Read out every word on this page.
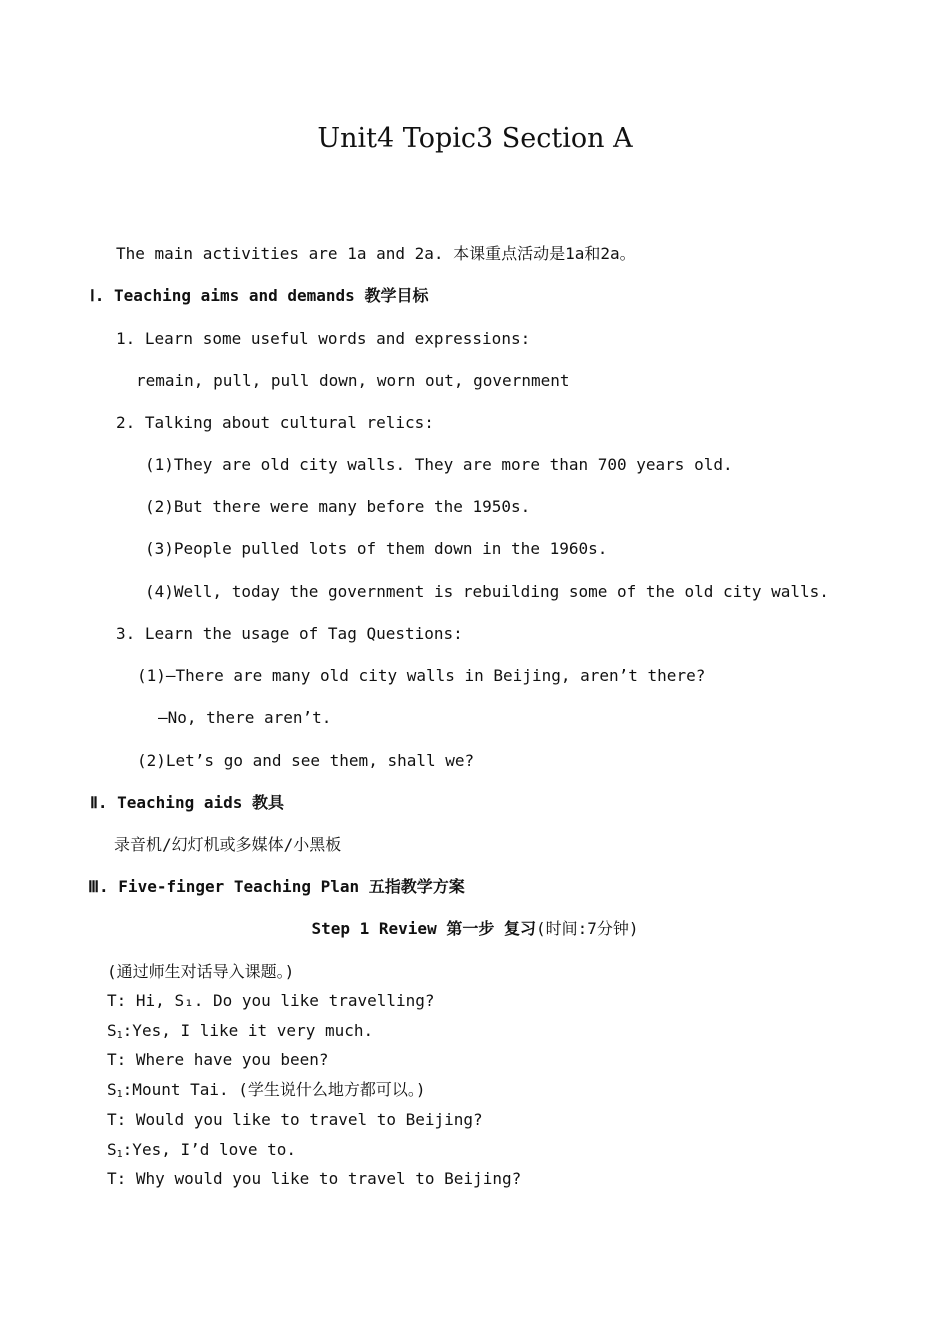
Unit4 Topic3 Section A
The main activities are 1a and 2a. 本课重点活动是1a和2a。
Ⅰ. Teaching aims and demands 教学目标
1. Learn some useful words and expressions:
remain, pull, pull down, worn out, government
2. Talking about cultural relics:
(1)They are old city walls. They are more than 700 years old.
(2)But there were many before the 1950s.
(3)People pulled lots of them down in the 1960s.
(4)Well, today the government is rebuilding some of the old city walls.
3. Learn the usage of Tag Questions:
(1)—There are many old city walls in Beijing, aren’t there?
—No, there aren’t.
(2)Let’s go and see them, shall we?
Ⅱ. Teaching aids 教具
录音机/幻灯机或多媒体/小黑板
Ⅲ. Five-finger Teaching Plan 五指教学方案
Step 1 Review 第一步 复习(时间:7分钟)
(通过师生对话导入课题。)
T: Hi, S₁. Do you like travelling?
$S_1:Yes$, I like it very much.
T: Where have you been?
$S_1:Mount$ Tai. (学生说什么地方都可以。)
T: Would you like to travel to Beijing?
$S_1:Yes$, I’d love to.
T: Why would you like to travel to Beijing?
